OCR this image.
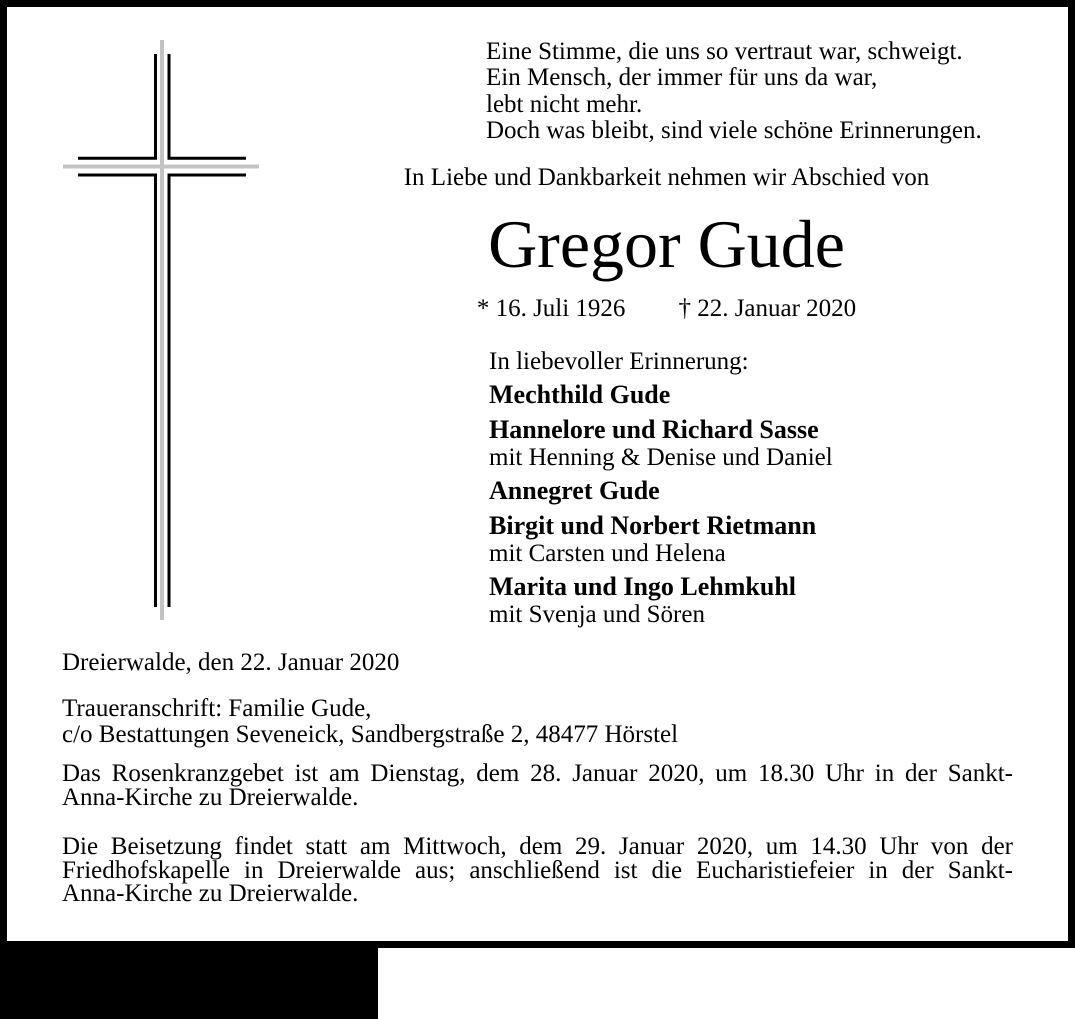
Eine Stimme, die uns so vertraut war, schweigt.
Ein Mensch, der immer für uns da war,
lebt nicht mehr.
Doch was bleibt, sind viele schöne Erinnerungen.
In Liebe und Dankbarkeit nehmen wir Abschied von
Gregor Gude
* 16. Juli 1926 † 22. Januar 2020
In liebevoller Erinnerung:
Mechthild Gude
Hannelore und Richard Sasse
mit Henning & Denise und Daniel
Annegret Gude
Birgit und Norbert Rietmann
mit Carsten und Helena
Marita und Ingo Lehmkuhl
mit Svenja und Sören
Dreierwalde, den 22. Januar 2020
Traueranschrift: Familie Gude,
c/o Bestattungen Seveneick, Sandbergstraße 2, 48477 Hörstel
Das Rosenkranzgebet ist am Dienstag, dem 28. Januar 2020, um 18.30 Uhr in der Sankt-
Anna-Kirche zu Dreierwalde.
Die Beisetzung findet statt am Mittwoch, dem 29. Januar 2020, um 14.30 Uhr von der
Friedhofskapelle in Dreierwalde aus; anschließend ist die Eucharistiefeier in der Sankt-
Anna-Kirche zu Dreierwalde.
